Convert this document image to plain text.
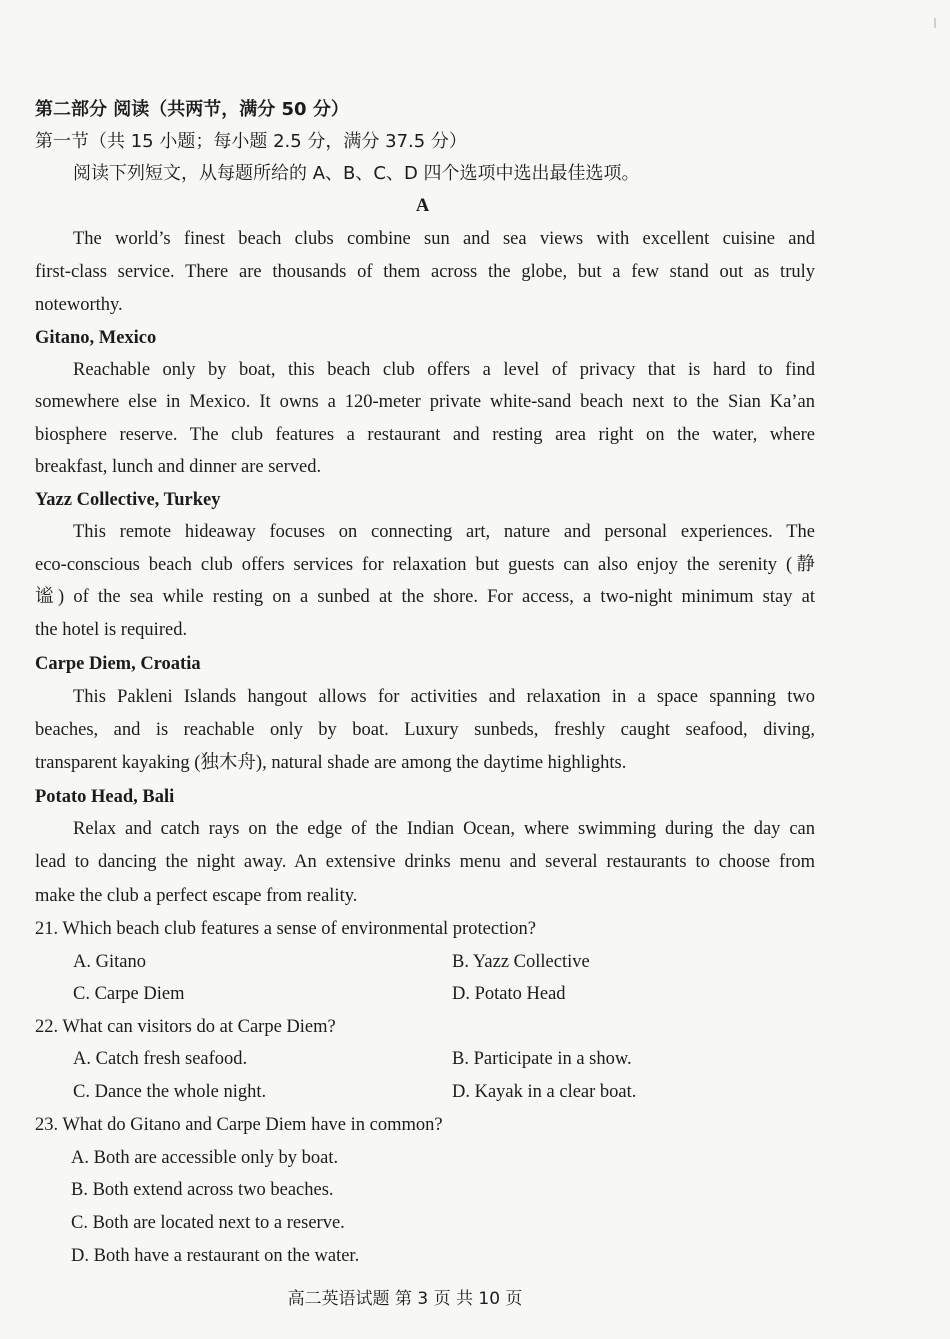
第二部分 阅读（共两节，满分 50 分）
第一节（共 15 小题；每小题 2.5 分，满分 37.5 分）
阅读下列短文，从每题所给的 A、B、C、D 四个选项中选出最佳选项。
A
The world’s finest beach clubs combine sun and sea views with excellent cuisine and
first-class service. There are thousands of them across the globe, but a few stand out as truly
noteworthy.
Gitano, Mexico
Reachable only by boat, this beach club offers a level of privacy that is hard to find
somewhere else in Mexico. It owns a 120-meter private white-sand beach next to the Sian Ka’an
biosphere reserve. The club features a restaurant and resting area right on the water, where
breakfast, lunch and dinner are served.
Yazz Collective, Turkey
This remote hideaway focuses on connecting art, nature and personal experiences. The
eco-conscious beach club offers services for relaxation but guests can also enjoy the serenity (静
谧) of the sea while resting on a sunbed at the shore. For access, a two-night minimum stay at
the hotel is required.
Carpe Diem, Croatia
This Pakleni Islands hangout allows for activities and relaxation in a space spanning two
beaches, and is reachable only by boat. Luxury sunbeds, freshly caught seafood, diving,
transparent kayaking (独木舟), natural shade are among the daytime highlights.
Potato Head, Bali
Relax and catch rays on the edge of the Indian Ocean, where swimming during the day can
lead to dancing the night away. An extensive drinks menu and several restaurants to choose from
make the club a perfect escape from reality.
21. Which beach club features a sense of environmental protection?
A. Gitano	B. Yazz Collective
C. Carpe Diem	D. Potato Head
22. What can visitors do at Carpe Diem?
A. Catch fresh seafood.	B. Participate in a show.
C. Dance the whole night.	D. Kayak in a clear boat.
23. What do Gitano and Carpe Diem have in common?
A. Both are accessible only by boat.
B. Both extend across two beaches.
C. Both are located next to a reserve.
D. Both have a restaurant on the water.
高二英语试题 第 3 页 共 10 页
